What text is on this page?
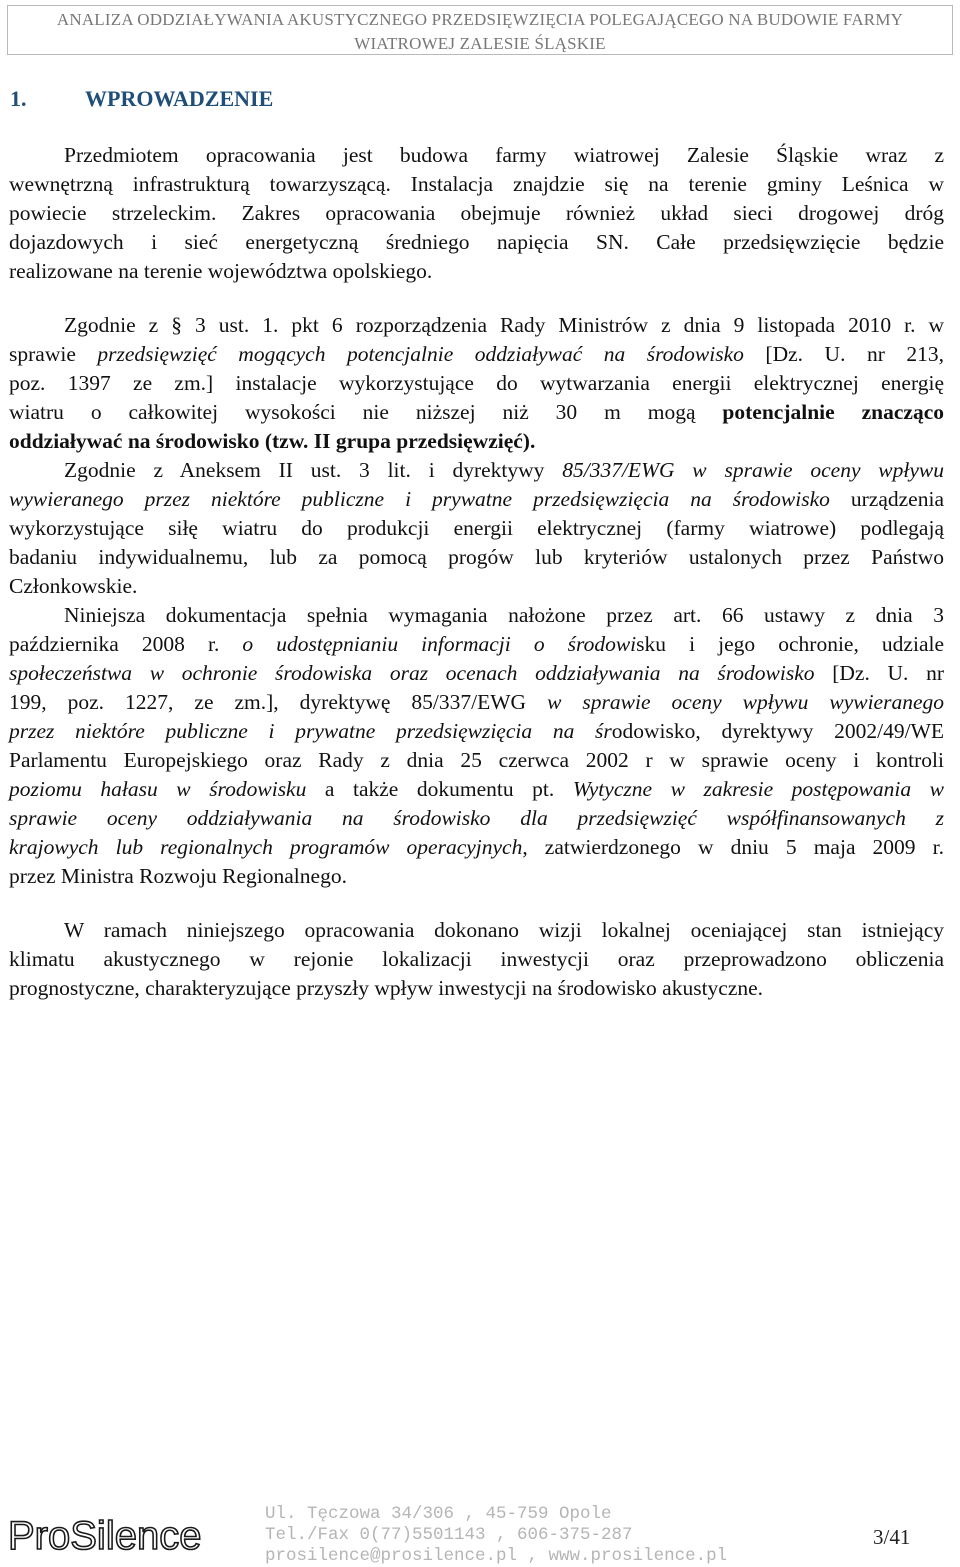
ANALIZA ODDZIAŁYWANIA AKUSTYCZNEGO PRZEDSIĘWZIĘCIA POLEGAJĄCEGO NA BUDOWIE FARMY
WIATROWEJ ZALESIE ŚLĄSKIE
1.	WPROWADZENIE
Przedmiotem opracowania jest budowa farmy wiatrowej Zalesie Śląskie wraz z
wewnętrzną infrastrukturą towarzyszącą. Instalacja znajdzie się na terenie gminy Leśnica w
powiecie strzeleckim. Zakres opracowania obejmuje również układ sieci drogowej dróg
dojazdowych i sieć energetyczną średniego napięcia SN. Całe przedsięwzięcie będzie
realizowane na terenie województwa opolskiego.
Zgodnie z § 3 ust. 1. pkt 6 rozporządzenia Rady Ministrów z dnia 9 listopada 2010 r. w
sprawie przedsięwzięć mogących potencjalnie oddziaływać na środowisko [Dz. U. nr 213,
poz. 1397 ze zm.] instalacje wykorzystujące do wytwarzania energii elektrycznej energię
wiatru o całkowitej wysokości nie niższej niż 30 m mogą potencjalnie znacząco
oddziaływać na środowisko (tzw. II grupa przedsięwzięć).
Zgodnie z Aneksem II ust. 3 lit. i dyrektywy 85/337/EWG w sprawie oceny wpływu
wywieranego przez niektóre publiczne i prywatne przedsięwzięcia na środowisko urządzenia
wykorzystujące siłę wiatru do produkcji energii elektrycznej (farmy wiatrowe) podlegają
badaniu indywidualnemu, lub za pomocą progów lub kryteriów ustalonych przez Państwo
Członkowskie.
Niniejsza dokumentacja spełnia wymagania nałożone przez art. 66 ustawy z dnia 3
października 2008 r. o udostępnianiu informacji o środowisku i jego ochronie, udziale
społeczeństwa w ochronie środowiska oraz ocenach oddziaływania na środowisko [Dz. U. nr
199, poz. 1227, ze zm.], dyrektywę 85/337/EWG w sprawie oceny wpływu wywieranego
przez niektóre publiczne i prywatne przedsięwzięcia na środowisko, dyrektywy 2002/49/WE
Parlamentu Europejskiego oraz Rady z dnia 25 czerwca 2002 r w sprawie oceny i kontroli
poziomu hałasu w środowisku a także dokumentu pt. Wytyczne w zakresie postępowania w
sprawie oceny oddziaływania na środowisko dla przedsięwzięć współfinansowanych z
krajowych lub regionalnych programów operacyjnych, zatwierdzonego w dniu 5 maja 2009 r.
przez Ministra Rozwoju Regionalnego.
W ramach niniejszego opracowania dokonano wizji lokalnej oceniającej stan istniejący
klimatu akustycznego w rejonie lokalizacji inwestycji oraz przeprowadzono obliczenia
prognostyczne, charakteryzujące przyszły wpływ inwestycji na środowisko akustyczne.
ProSilence	Ul. Tęczowa 34/306 , 45-759 Opole
Tel./Fax 0(77)5501143 , 606-375-287
prosilence@prosilence.pl , www.prosilence.pl
3/41
